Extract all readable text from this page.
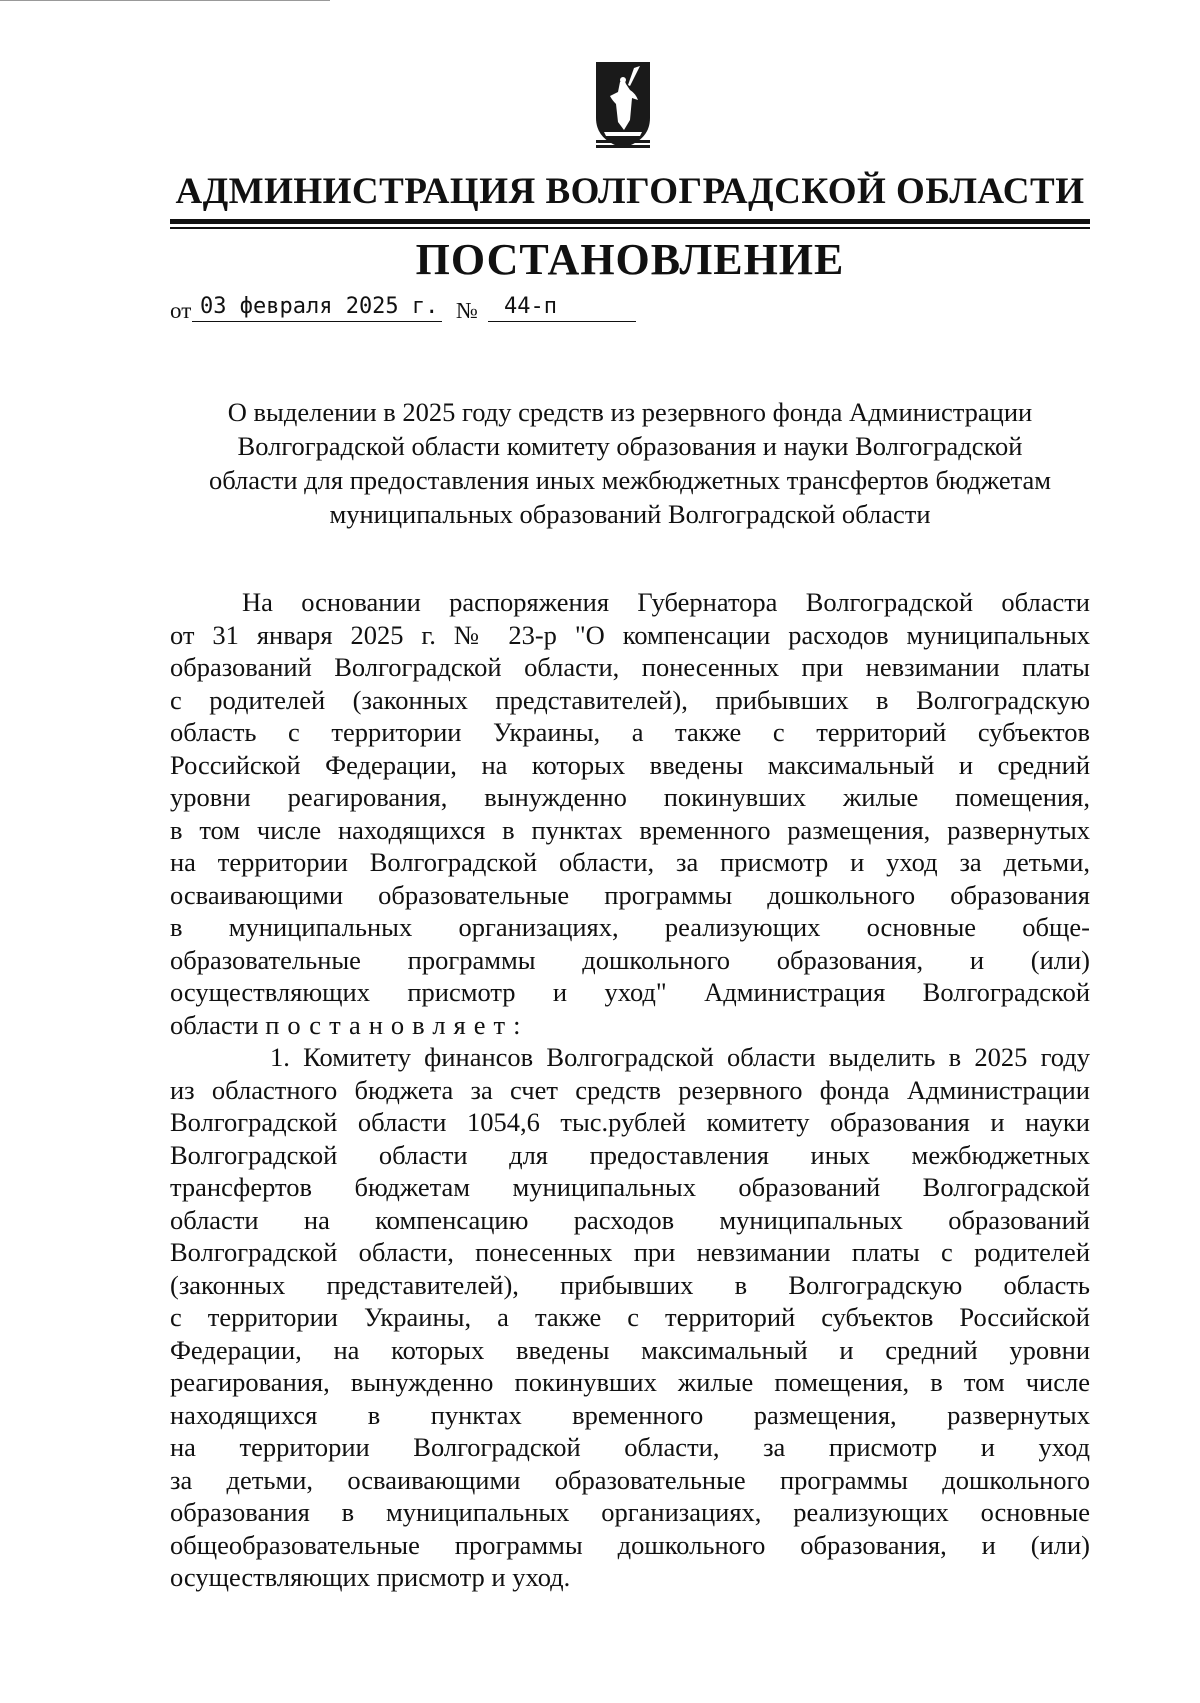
АДМИНИСТРАЦИЯ ВОЛГОГРАДСКОЙ ОБЛАСТИ
ПОСТАНОВЛЕНИЕ
от 03 февраля 2025 г. №	44-п
О выделении в 2025 году средств из резервного фонда Администрации
Волгоградской области комитету образования и науки Волгоградской
области для предоставления иных межбюджетных трансфертов бюджетам
муниципальных образований Волгоградской области
На основании распоряжения Губернатора Волгоградской области
от 31 января 2025 г. № 23-р "О компенсации расходов муниципальных
образований Волгоградской области, понесенных при невзимании платы
с родителей (законных представителей), прибывших в Волгоградскую
область с территории Украины, а также с территорий субъектов
Российской Федерации, на которых введены максимальный и средний
уровни реагирования, вынужденно покинувших жилые помещения,
в том числе находящихся в пунктах временного размещения, развернутых
на территории Волгоградской области, за присмотр и уход за детьми,
осваивающими образовательные программы дошкольного образования
в муниципальных организациях, реализующих основные обще-
образовательные программы дошкольного образования, и (или)
осуществляющих присмотр и уход" Администрация Волгоградской
области постановляет:
1. Комитету финансов Волгоградской области выделить в 2025 году
из областного бюджета за счет средств резервного фонда Администрации
Волгоградской области 1054,6 тыс.рублей комитету образования и науки
Волгоградской области для предоставления иных межбюджетных
трансфертов бюджетам муниципальных образований Волгоградской
области на компенсацию расходов муниципальных образований
Волгоградской области, понесенных при невзимании платы с родителей
(законных представителей), прибывших в Волгоградскую область
с территории Украины, а также с территорий субъектов Российской
Федерации, на которых введены максимальный и средний уровни
реагирования, вынужденно покинувших жилые помещения, в том числе
находящихся в пунктах временного размещения, развернутых
на территории Волгоградской области, за присмотр и уход
за детьми, осваивающими образовательные программы дошкольного
образования в муниципальных организациях, реализующих основные
общеобразовательные программы дошкольного образования, и (или)
осуществляющих присмотр и уход.
